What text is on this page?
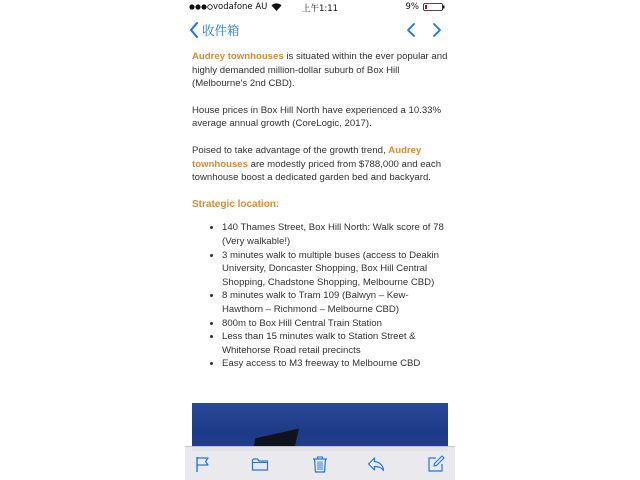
vodafone AU	上午1:11	9%
收件箱

Audrey townhouses is situated within the ever popular and highly demanded million-dollar suburb of Box Hill (Melbourne's 2nd CBD).

House prices in Box Hill North have experienced a 10.33% average annual growth (CoreLogic, 2017).

Poised to take advantage of the growth trend, Audrey townhouses are modestly priced from $788,000 and each townhouse boost a dedicated garden bed and backyard.

Strategic location:
• 140 Thames Street, Box Hill North: Walk score of 78 (Very walkable!)
• 3 minutes walk to multiple buses (access to Deakin University, Doncaster Shopping, Box Hill Central Shopping, Chadstone Shopping, Melbourne CBD)
• 8 minutes walk to Tram 109 (Balwyn – Kew-Hawthorn – Richmond – Melbourne CBD)
• 800m to Box Hill Central Train Station
• Less than 15 minutes walk to Station Street & Whitehorse Road retail precincts
• Easy access to M3 freeway to Melbourne CBD
